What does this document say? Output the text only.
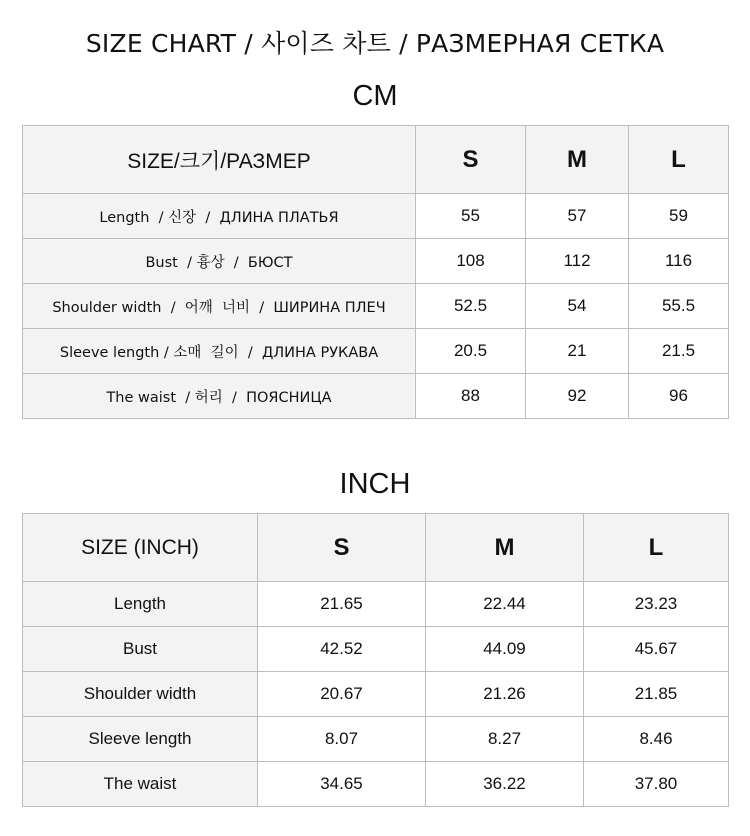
SIZE CHART / 사이즈 차트 / РАЗМЕРНАЯ СЕТКА
CM
SIZE/크기/РАЗМЕР	S	M	L
Length  / 신장  /  ДЛИНА ПЛАТЬЯ	55	57	59
Bust  / 흉상  /  БЮСТ	108	112	116
Shoulder width  /  어깨  너비  /  ШИРИНА ПЛЕЧ	52.5	54	55.5
Sleeve length / 소매  길이  /  ДЛИНА РУКАВА	20.5	21	21.5
The waist  / 허리  /  ПОЯСНИЦА	88	92	96
INCH
SIZE (INCH)	S	M	L
Length	21.65	22.44	23.23
Bust	42.52	44.09	45.67
Shoulder width	20.67	21.26	21.85
Sleeve length	8.07	8.27	8.46
The waist	34.65	36.22	37.80
